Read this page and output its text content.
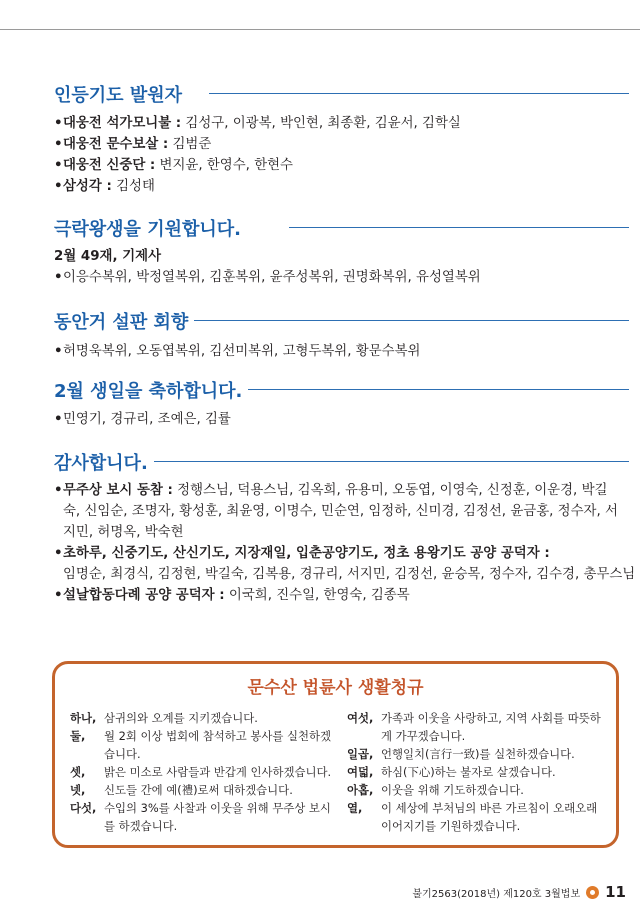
인등기도 발원자

•대웅전 석가모니불 : 김성구, 이광복, 박인현, 최종환, 김윤서, 김학실

•대웅전 문수보살 : 김범준

•대웅전 신중단 : 변지윤, 한영수, 한현수

•삼성각 : 김성태

극락왕생을 기원합니다.

2월 49재, 기제사

•이응수복위, 박정열복위, 김훈복위, 윤주성복위, 권명화복위, 유성열복위

동안거 설판 회향

•허명욱복위, 오동엽복위, 김선미복위, 고형두복위, 황문수복위

2월 생일을 축하합니다.

•민영기, 경규리, 조예은, 김률

감사합니다.

•무주상 보시 동참 : 정행스님, 덕용스님, 김옥희, 유용미, 오동엽, 이영숙, 신정훈, 이운경, 박길숙, 신임순, 조명자, 황성훈, 최윤영, 이명수, 민순연, 임정하, 신미경, 김정선, 윤금홍, 정수자, 서지민, 허명옥, 박숙현

•초하루, 신중기도, 산신기도, 지장재일, 입춘공양기도, 정초 용왕기도 공양 공덕자 :

임명순, 최경식, 김정현, 박길숙, 김복용, 경규리, 서지민, 김정선, 윤승목, 정수자, 김수경, 총무스님

•설날합동다례 공양 공덕자 : 이국희, 진수일, 한영숙, 김종목

문수산 법륜사 생활청규
하나, 삼귀의와 오계를 지키겠습니다.
둘,	월 2회 이상 법회에 참석하고 봉사를 실천하겠습니다.
셋,	밝은 미소로 사람들과 반갑게 인사하겠습니다.
넷,	신도들 간에 예(禮)로써 대하겠습니다.
다섯, 수입의 3%를 사찰과 이웃을 위해 무주상 보시를 하겠습니다.
여섯, 가족과 이웃을 사랑하고, 지역 사회를 따뜻하게 가꾸겠습니다.
일곱, 언행일치(言行一致)를 실천하겠습니다.
여덟, 하심(下心)하는 불자로 살겠습니다.
아홉, 이웃을 위해 기도하겠습니다.
열,	이 세상에 부처님의 바른 가르침이 오래오래 이어지기를 기원하겠습니다.
불기2563(2018년) 제120호 3월법보 11
